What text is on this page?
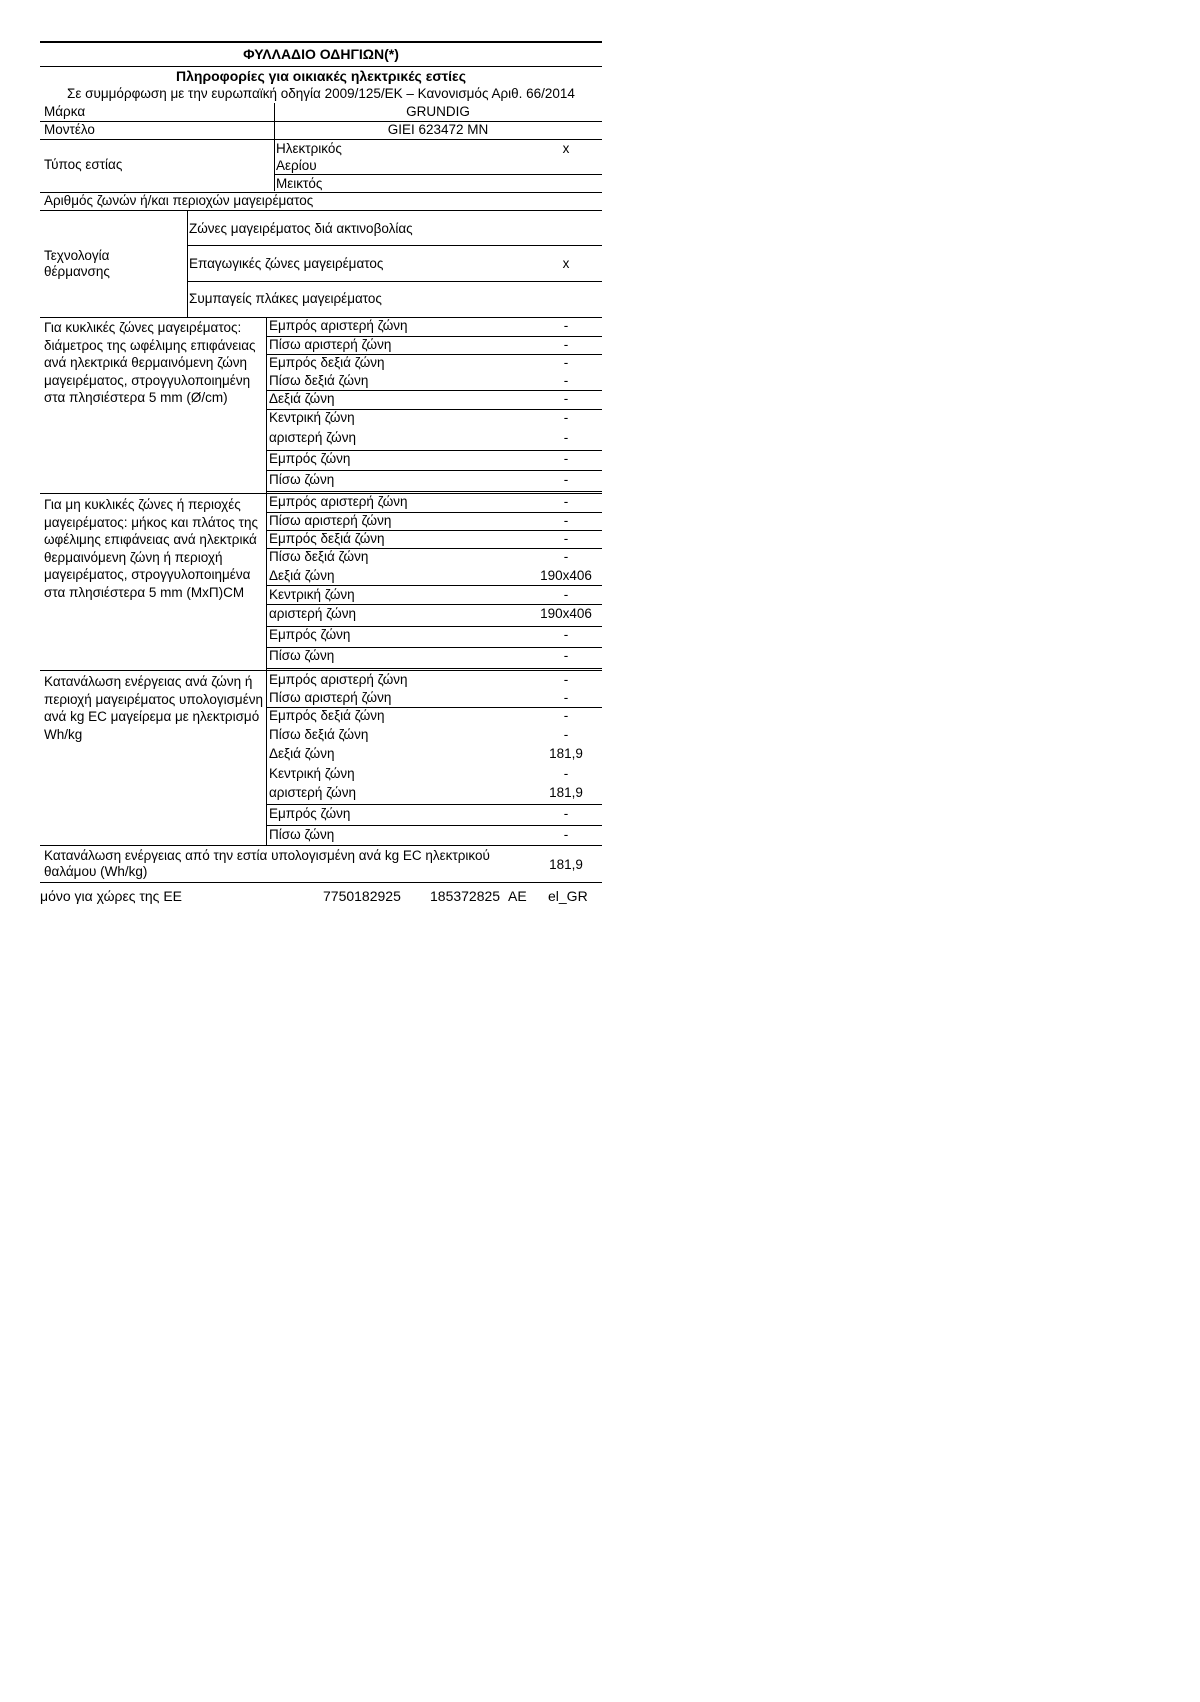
ΦΥΛΛΑΔΙΟ ΟΔΗΓΙΩΝ(*)
Πληροφορίες για οικιακές ηλεκτρικές εστίες
Σε συμμόρφωση με την ευρωπαϊκή οδηγία 2009/125/ΕΚ – Κανονισμός Αριθ. 66/2014
Μάρκα	GRUNDIG
Μοντέλο	GIEI 623472 MN
Τύπος εστίας
Ηλεκτρικός	x
Αερίου
Μεικτός
Αριθμός ζωνών ή/και περιοχών μαγειρέματος
Τεχνολογία θέρμανσης
Ζώνες μαγειρέματος διά ακτινοβολίας
Επαγωγικές ζώνες μαγειρέματος	x
Συμπαγείς πλάκες μαγειρέματος
Για κυκλικές ζώνες μαγειρέματος: διάμετρος της ωφέλιμης επιφάνειας ανά ηλεκτρικά θερμαινόμενη ζώνη μαγειρέματος, στρογγυλοποιημένη στα πλησιέστερα 5 mm (Ø/cm)
Εμπρός αριστερή ζώνη	-
Πίσω αριστερή ζώνη	-
Εμπρός δεξιά ζώνη	-
Πίσω δεξιά ζώνη	-
Δεξιά ζώνη	-
Κεντρική ζώνη	-
αριστερή ζώνη	-
Εμπρός ζώνη	-
Πίσω ζώνη	-
Για μη κυκλικές ζώνες ή περιοχές μαγειρέματος: μήκος και πλάτος της ωφέλιμης επιφάνειας ανά ηλεκτρικά θερμαινόμενη ζώνη ή περιοχή μαγειρέματος, στρογγυλοποιημένα στα πλησιέστερα 5 mm (ΜxΠ)CM
Εμπρός αριστερή ζώνη	-
Πίσω αριστερή ζώνη	-
Εμπρός δεξιά ζώνη	-
Πίσω δεξιά ζώνη	-
Δεξιά ζώνη	190x406
Κεντρική ζώνη	-
αριστερή ζώνη	190x406
Εμπρός ζώνη	-
Πίσω ζώνη	-
Κατανάλωση ενέργειας ανά ζώνη ή περιοχή μαγειρέματος υπολογισμένη ανά kg EC μαγείρεμα με ηλεκτρισμό Wh/kg
Εμπρός αριστερή ζώνη	-
Πίσω αριστερή ζώνη	-
Εμπρός δεξιά ζώνη	-
Πίσω δεξιά ζώνη	-
Δεξιά ζώνη	181,9
Κεντρική ζώνη	-
αριστερή ζώνη	181,9
Εμπρός ζώνη	-
Πίσω ζώνη	-
Κατανάλωση ενέργειας από την εστία υπολογισμένη ανά kg EC ηλεκτρικού θαλάμου (Wh/kg)	181,9
μόνο για χώρες της ΕΕ	7750182925 185372825 AE el_GR
